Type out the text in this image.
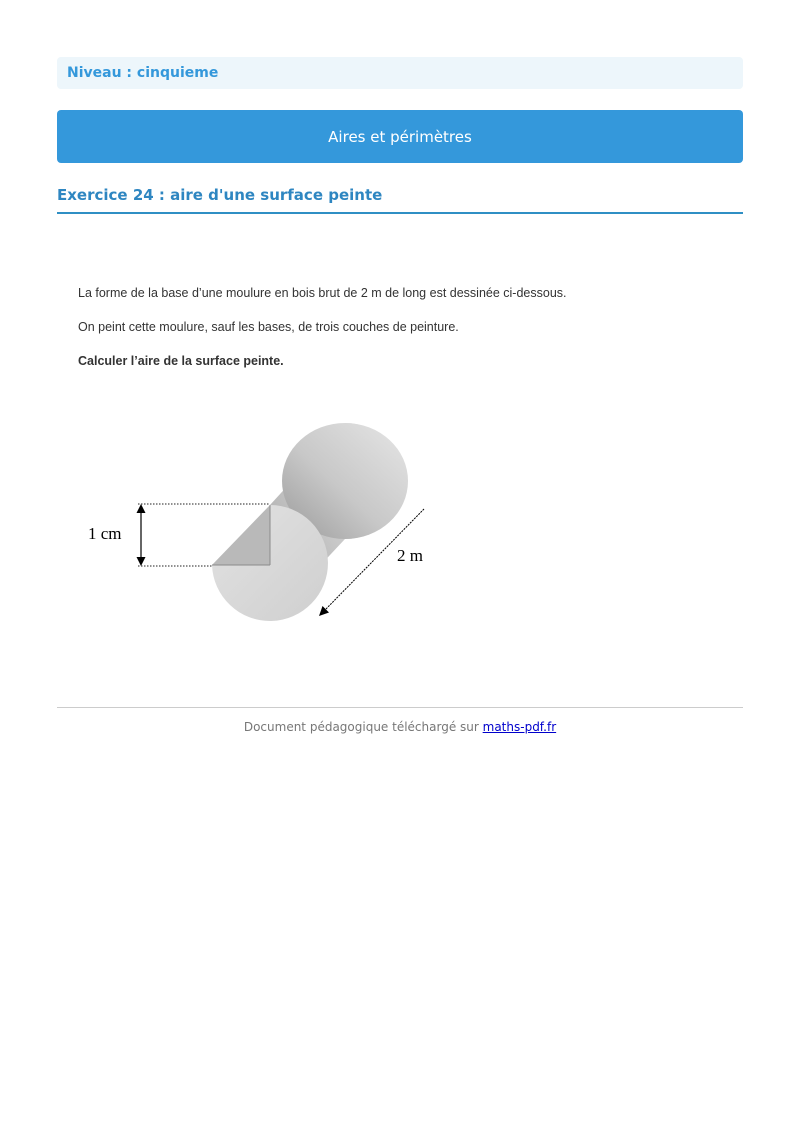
Niveau : cinquieme
Aires et périmètres
Exercice 24 : aire d'une surface peinte

La forme de la base d’une moulure en bois brut de 2 m de long est dessinée ci-dessous.

On peint cette moulure, sauf les bases, de trois couches de peinture.

Calculer l’aire de la surface peinte.

1 cm
2 m
Document pédagogique téléchargé sur maths-pdf.fr
